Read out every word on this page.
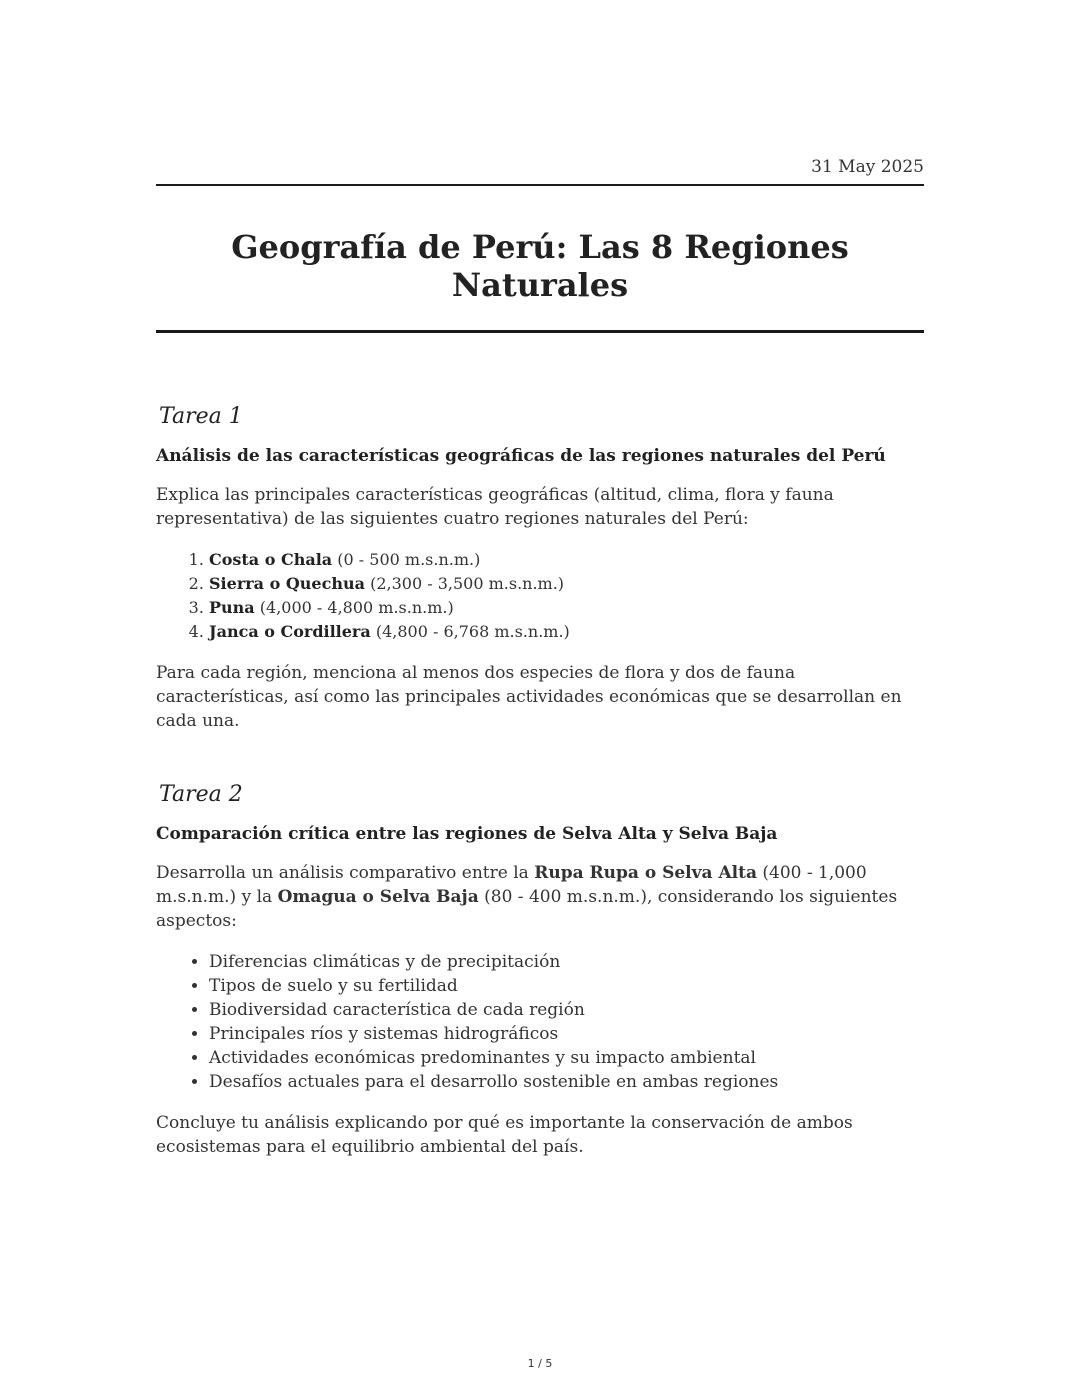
31 May 2025
Geografía de Perú: Las 8 Regiones Naturales
Tarea 1
Análisis de las características geográficas de las regiones naturales del Perú

Explica las principales características geográficas (altitud, clima, flora y fauna representativa) de las siguientes cuatro regiones naturales del Perú:

1. Costa o Chala (0 - 500 m.s.n.m.)
2. Sierra o Quechua (2,300 - 3,500 m.s.n.m.)
3. Puna (4,000 - 4,800 m.s.n.m.)
4. Janca o Cordillera (4,800 - 6,768 m.s.n.m.)

Para cada región, menciona al menos dos especies de flora y dos de fauna características, así como las principales actividades económicas que se desarrollan en cada una.

Tarea 2
Comparación crítica entre las regiones de Selva Alta y Selva Baja

Desarrolla un análisis comparativo entre la Rupa Rupa o Selva Alta (400 - 1,000 m.s.n.m.) y la Omagua o Selva Baja (80 - 400 m.s.n.m.), considerando los siguientes aspectos:

• Diferencias climáticas y de precipitación
• Tipos de suelo y su fertilidad
• Biodiversidad característica de cada región
• Principales ríos y sistemas hidrográficos
• Actividades económicas predominantes y su impacto ambiental
• Desafíos actuales para el desarrollo sostenible en ambas regiones

Concluye tu análisis explicando por qué es importante la conservación de ambos ecosistemas para el equilibrio ambiental del país.

1 / 5
